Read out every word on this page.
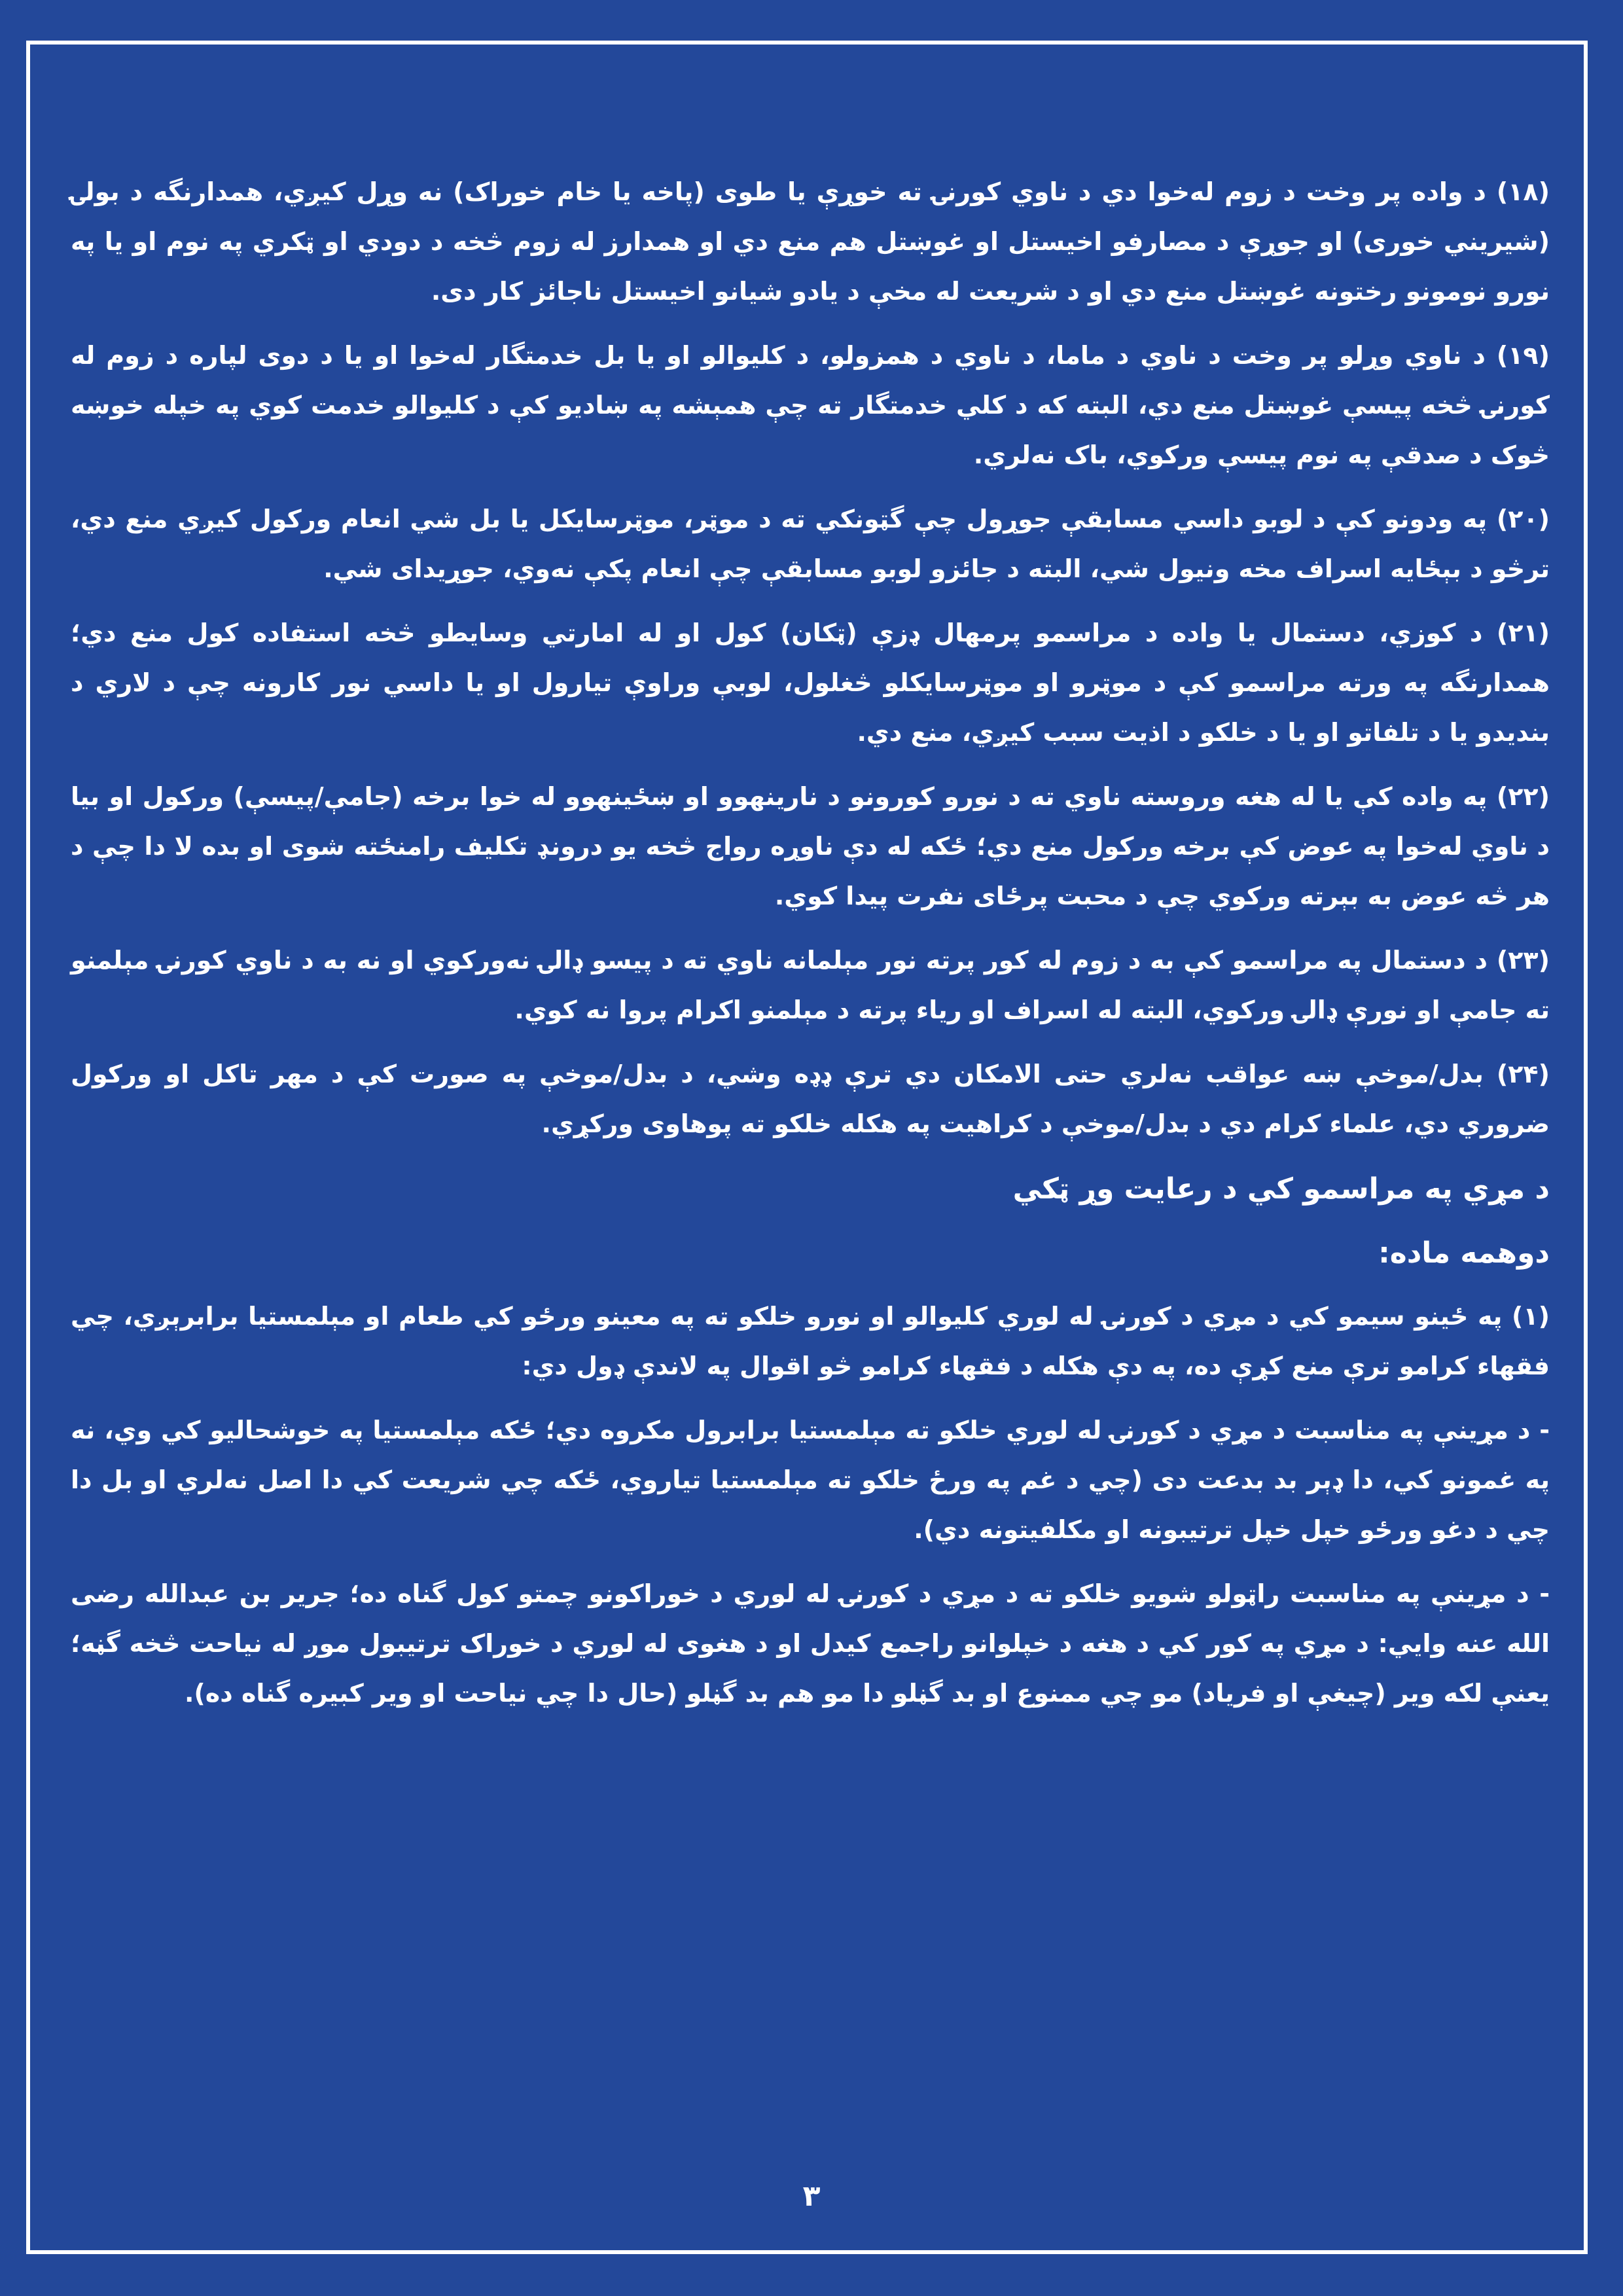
(۱۸) د واده پر وخت د زوم لەخوا دي د ناوي کورنۍ ته خوړې يا طوی (پاخه يا خام خوراک) نه وړل کيږي، همدارنگه د بولۍ (شيريني خوری) او جوړې د مصارفو اخيستل او غوښتل هم منع دي او همدارز له زوم څخه د دودي او ټکري په نوم او يا په نورو نومونو رختونه غوښتل منع دي او د شريعت له مخې د يادو شيانو اخيستل ناجائز کار دی.

(۱۹) د ناوي وړلو پر وخت د ناوي د ماما، د ناوي د همزولو، د کليوالو او يا بل خدمتگار لەخوا او يا د دوی لپاره د زوم له کورنۍ څخه پيسې غوښتل منع دي، البته که د کلي خدمتگار ته چې همېشه په ښاديو کې د کليوالو خدمت کوي په خپله خوښه څوک د صدقې په نوم پيسې ورکوي، باک نەلري.

(۲۰) په ودونو کې د لوبو داسي مسابقې جوړول چې گټونکي ته د موټر، موټرسايکل يا بل شي انعام ورکول کيږي منع دي، ترڅو د بېځايه اسراف مخه ونيول شي، البته د جائزو لوبو مسابقې چې انعام پکې نەوي، جوړيدای شي.

(۲۱) د کوزي، دستمال يا واده د مراسمو پرمهال ډزې (ټکان) کول او له امارتي وسايطو څخه استفاده کول منع دي؛ همدارنگه په ورته مراسمو کې د موټرو او موټرسايکلو څغلول، لوبې وراوې تيارول او يا داسي نور کارونه چې د لاري د بنديدو يا د تلفاتو او يا د خلکو د اذيت سبب کيږي، منع دي.

(۲۲) په واده کې يا له هغه وروسته ناوي ته د نورو کورونو د نارينهوو او ښځينهوو له خوا برخه (جامې/پيسې) ورکول او بيا د ناوي لەخوا په عوض کې برخه ورکول منع دي؛ ځکه له دې ناوړه رواج څخه يو درونډ تکليف رامنځته شوی او بده لا دا چې د هر څه عوض به بېرته ورکوي چې د محبت پرځای نفرت پيدا کوي.

(۲۳) د دستمال په مراسمو کې به د زوم له کور پرته نور مېلمانه ناوي ته د پيسو ډالۍ نەورکوي او نه به د ناوي کورنۍ مېلمنو ته جامې او نورې ډالۍ ورکوي، البته له اسراف او رياء پرته د مېلمنو اکرام پروا نه کوي.

(۲۴) بدل/موخې ښه عواقب نەلري حتی الامکان دي ترې ډډه وشي، د بدل/موخې په صورت کې د مهر تاکل او ورکول ضروري دي، علماء کرام دي د بدل/موخې د کراهيت په هکله خلکو ته پوهاوی ورکړي.

د مړي په مراسمو کي د رعايت وړ ټکي
دوهمه ماده:

(۱) په ځينو سيمو کي د مړي د کورنۍ له لوري کليوالو او نورو خلکو ته په معينو ورځو کي طعام او مېلمستيا برابرېږي، چي فقهاء کرامو ترې منع کړې ده، په دې هکله د فقهاء کرامو څو اقوال په لاندې ډول دي:

- د مړينې په مناسبت د مړي د کورنۍ له لوري خلکو ته مېلمستيا برابرول مکروه دي؛ ځکه مېلمستيا په خوشحاليو کي وي، نه په غمونو کي، دا ډېر بد بدعت دی (چي د غم په ورځ خلکو ته مېلمستيا تياروي، ځکه چي شريعت کي دا اصل نەلري او بل دا چي د دغو ورځو خپل خپل ترتيبونه او مکلفيتونه دي).

- د مړينې په مناسبت راټولو شويو خلکو ته د مړي د کورنۍ له لوري د خوراکونو چمتو کول گناه ده؛ جرير بن عبدالله رضی الله عنه وايي: د مړي په کور کي د هغه د خپلوانو راجمع کيدل او د هغوی له لوري د خوراک ترتيبول موږ له نياحت څخه گڼه؛ يعنې لکه وير (چيغې او فرياد) مو چي ممنوع او بد گڼلو دا مو هم بد گڼلو (حال دا چي نياحت او وير کبيره گناه ده).

۳
